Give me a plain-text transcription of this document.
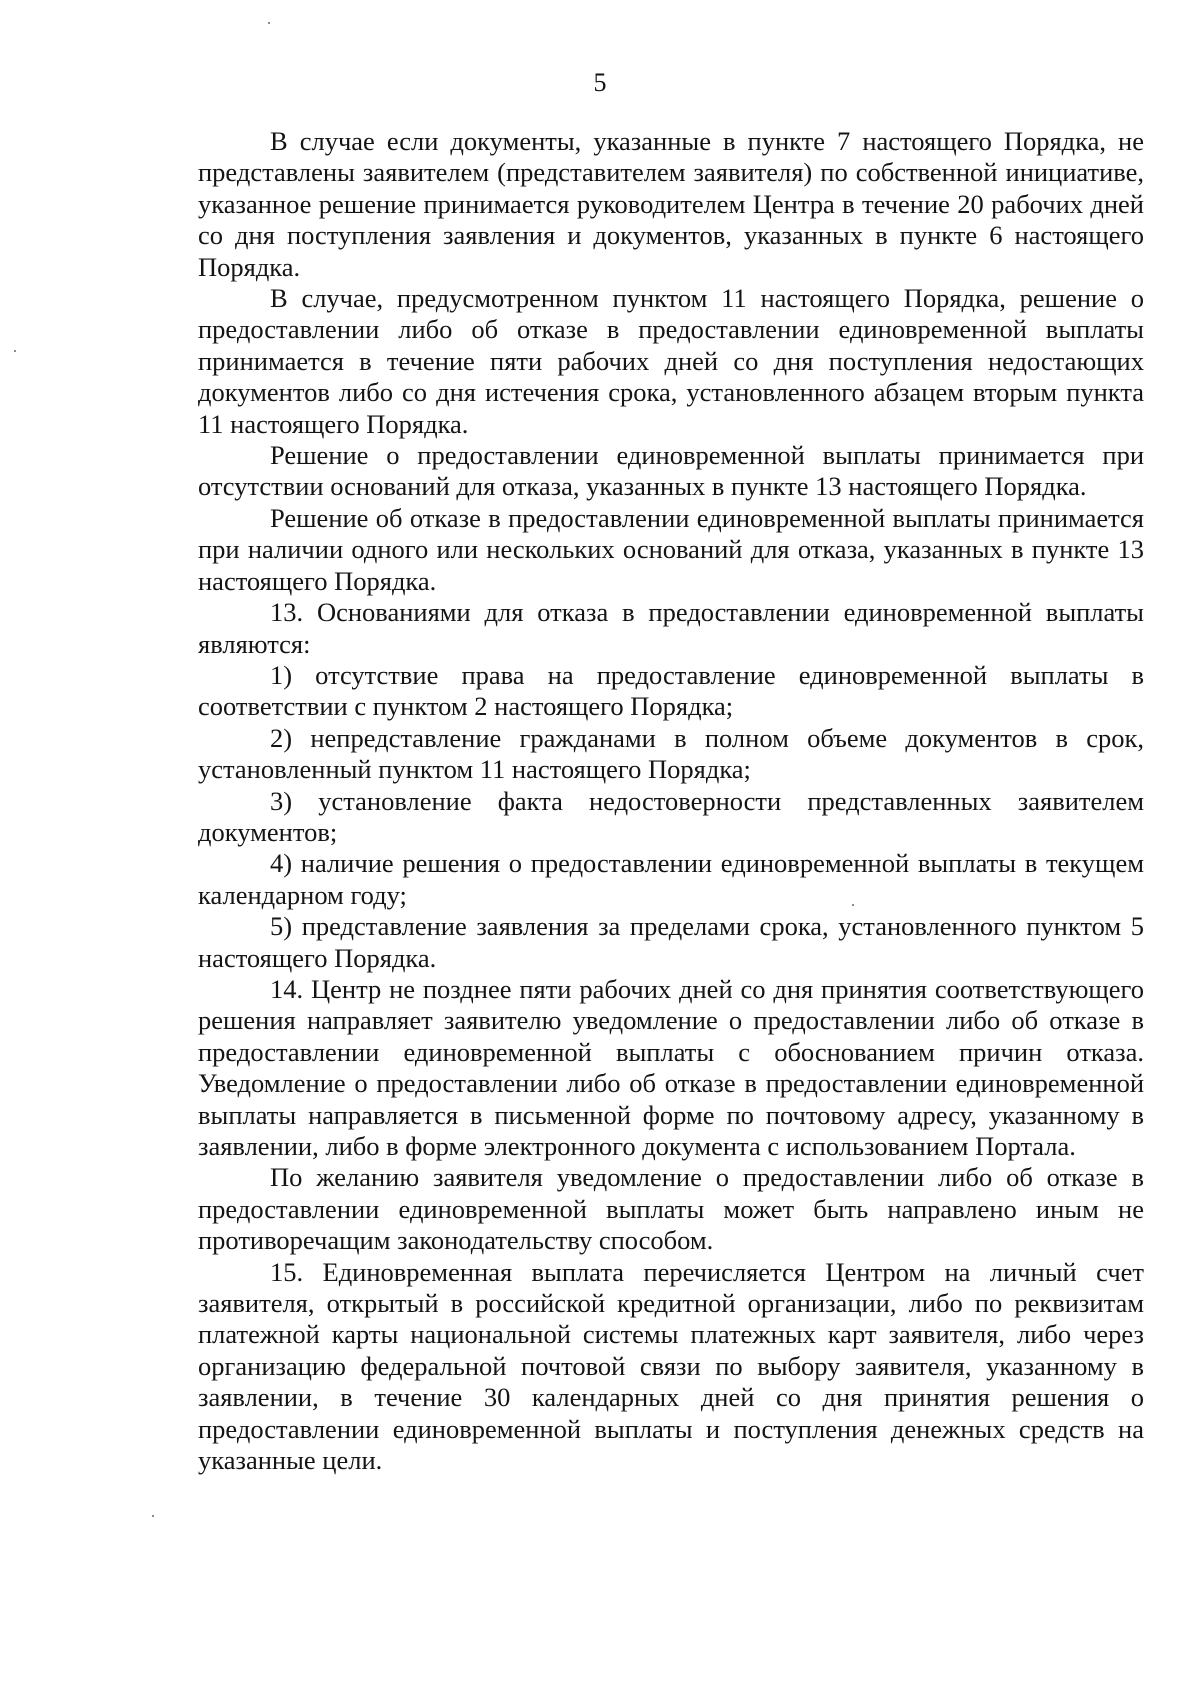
5

В случае если документы, указанные в пункте 7 настоящего Порядка, не представлены заявителем (представителем заявителя) по собственной инициативе, указанное решение принимается руководителем Центра в течение 20 рабочих дней со дня поступления заявления и документов, указанных в пункте 6 настоящего Порядка.

В случае, предусмотренном пунктом 11 настоящего Порядка, решение о предоставлении либо об отказе в предоставлении единовременной выплаты принимается в течение пяти рабочих дней со дня поступления недостающих документов либо со дня истечения срока, установленного абзацем вторым пункта 11 настоящего Порядка.

Решение о предоставлении единовременной выплаты принимается при отсутствии оснований для отказа, указанных в пункте 13 настоящего Порядка.

Решение об отказе в предоставлении единовременной выплаты принимается при наличии одного или нескольких оснований для отказа, указанных в пункте 13 настоящего Порядка.

13. Основаниями для отказа в предоставлении единовременной выплаты являются:

1) отсутствие права на предоставление единовременной выплаты в соответствии с пунктом 2 настоящего Порядка;

2) непредставление гражданами в полном объеме документов в срок, установленный пунктом 11 настоящего Порядка;

3) установление факта недостоверности представленных заявителем документов;

4) наличие решения о предоставлении единовременной выплаты в текущем календарном году;

5) представление заявления за пределами срока, установленного пунктом 5 настоящего Порядка.

14. Центр не позднее пяти рабочих дней со дня принятия соответствующего решения направляет заявителю уведомление о предоставлении либо об отказе в предоставлении единовременной выплаты с обоснованием причин отказа. Уведомление о предоставлении либо об отказе в предоставлении единовременной выплаты направляется в письменной форме по почтовому адресу, указанному в заявлении, либо в форме электронного документа с использованием Портала.

По желанию заявителя уведомление о предоставлении либо об отказе в предоставлении единовременной выплаты может быть направлено иным не противоречащим законодательству способом.

15. Единовременная выплата перечисляется Центром на личный счет заявителя, открытый в российской кредитной организации, либо по реквизитам платежной карты национальной системы платежных карт заявителя, либо через организацию федеральной почтовой связи по выбору заявителя, указанному в заявлении, в течение 30 календарных дней со дня принятия решения о предоставлении единовременной выплаты и поступления денежных средств на указанные цели.
